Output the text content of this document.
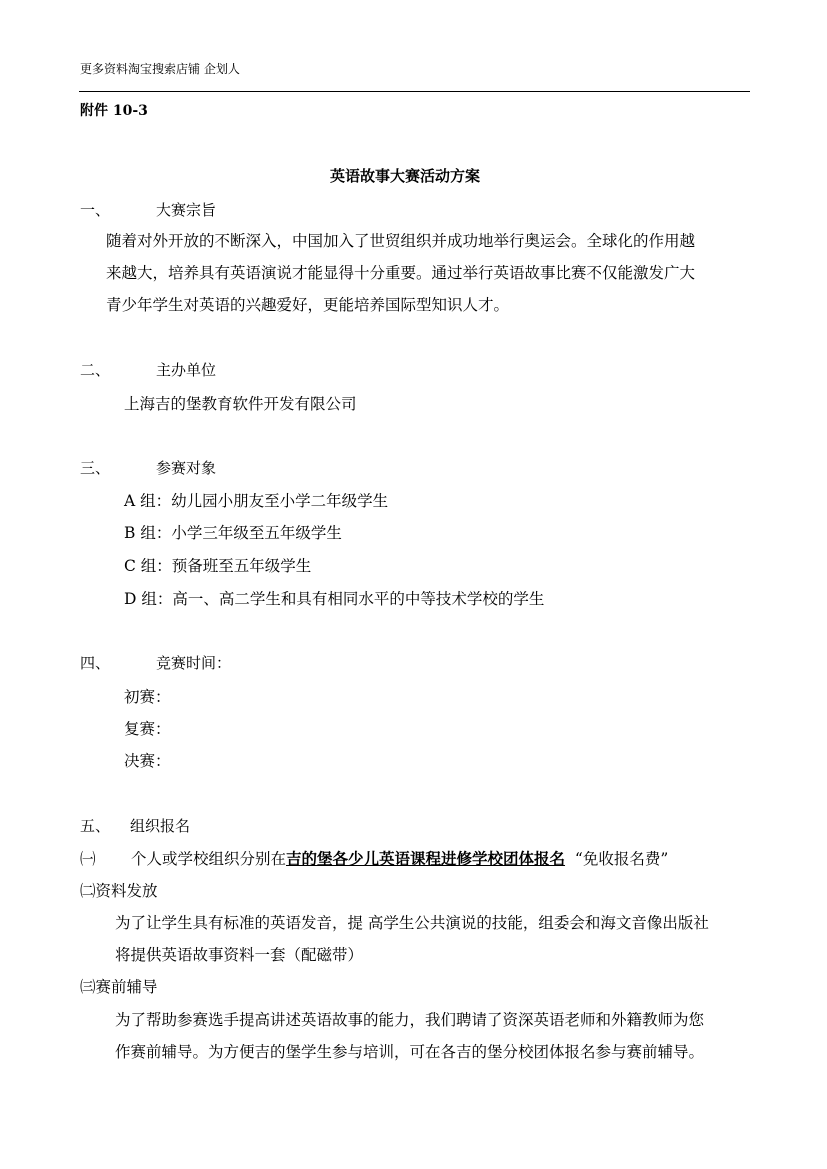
更多资料淘宝搜索店铺 企划人
附件 10-3
英语故事大赛活动方案
一、	大赛宗旨
随着对外开放的不断深入，中国加入了世贸组织并成功地举行奥运会。全球化的作用越
来越大，培养具有英语演说才能显得十分重要。通过举行英语故事比赛不仅能激发广大
青少年学生对英语的兴趣爱好，更能培养国际型知识人才。
二、	主办单位
上海吉的堡教育软件开发有限公司
三、	参赛对象
A 组：幼儿园小朋友至小学二年级学生
B 组：小学三年级至五年级学生
C 组：预备班至五年级学生
D 组：高一、高二学生和具有相同水平的中等技术学校的学生
四、	竞赛时间：
初赛：
复赛：
决赛：
五、 组织报名
㈠ 个人或学校组织分别在吉的堡各少儿英语课程进修学校团体报名 “免收报名费”
㈡资料发放
为了让学生具有标准的英语发音，提 高学生公共演说的技能，组委会和海文音像出版社
将提供英语故事资料一套（配磁带）
㈢赛前辅导
为了帮助参赛选手提高讲述英语故事的能力，我们聘请了资深英语老师和外籍教师为您
作赛前辅导。为方便吉的堡学生参与培训，可在各吉的堡分校团体报名参与赛前辅导。
